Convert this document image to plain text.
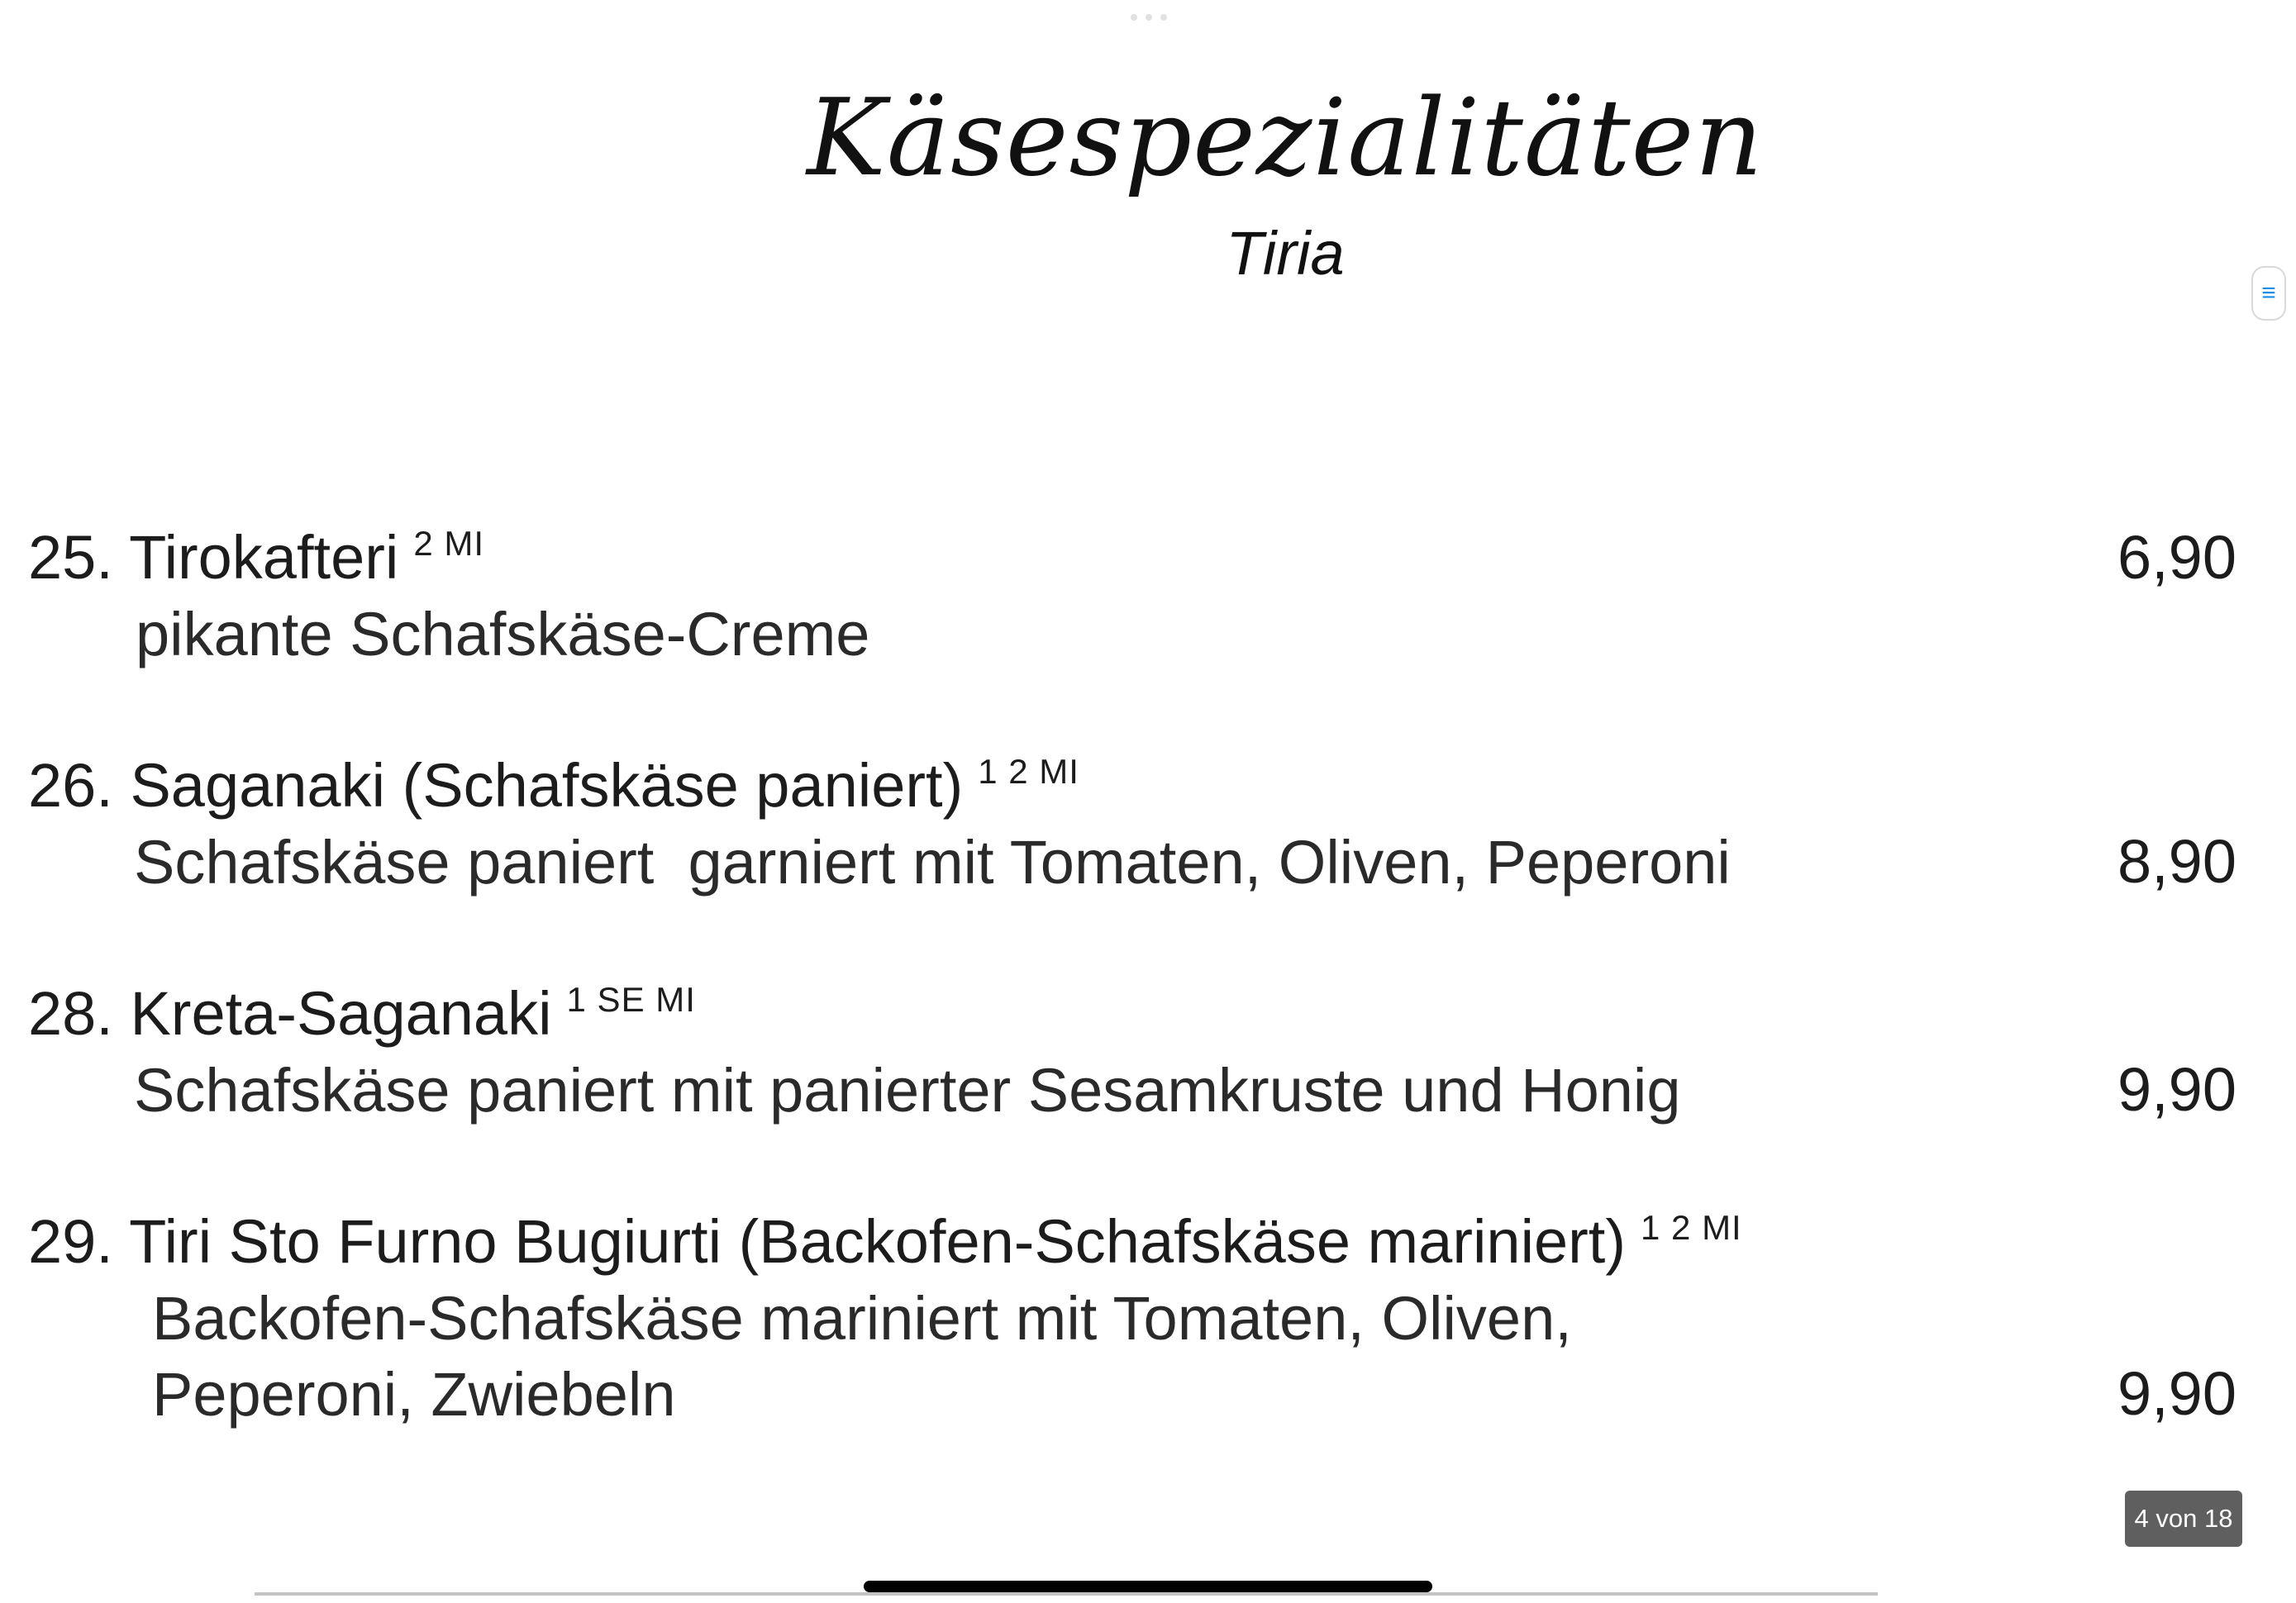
Käsespezialitäten
Tiria
≡
25. Tirokafteri $^{2 MI}$	6,90
pikante Schafskäse-Creme
26. Saganaki (Schafskäse paniert) $^{1 2 MI}$
Schafskäse paniert  garniert mit Tomaten, Oliven, Peperoni	8,90
28. Kreta-Saganaki $^{1 SE MI}$
Schafskäse paniert mit panierter Sesamkruste und Honig	9,90
29. Tiri Sto Furno Bugiurti (Backofen-Schafskäse mariniert) $^{1 2 MI}$
Backofen-Schafskäse mariniert mit Tomaten, Oliven,
Peperoni, Zwiebeln	9,90
4 von 18
